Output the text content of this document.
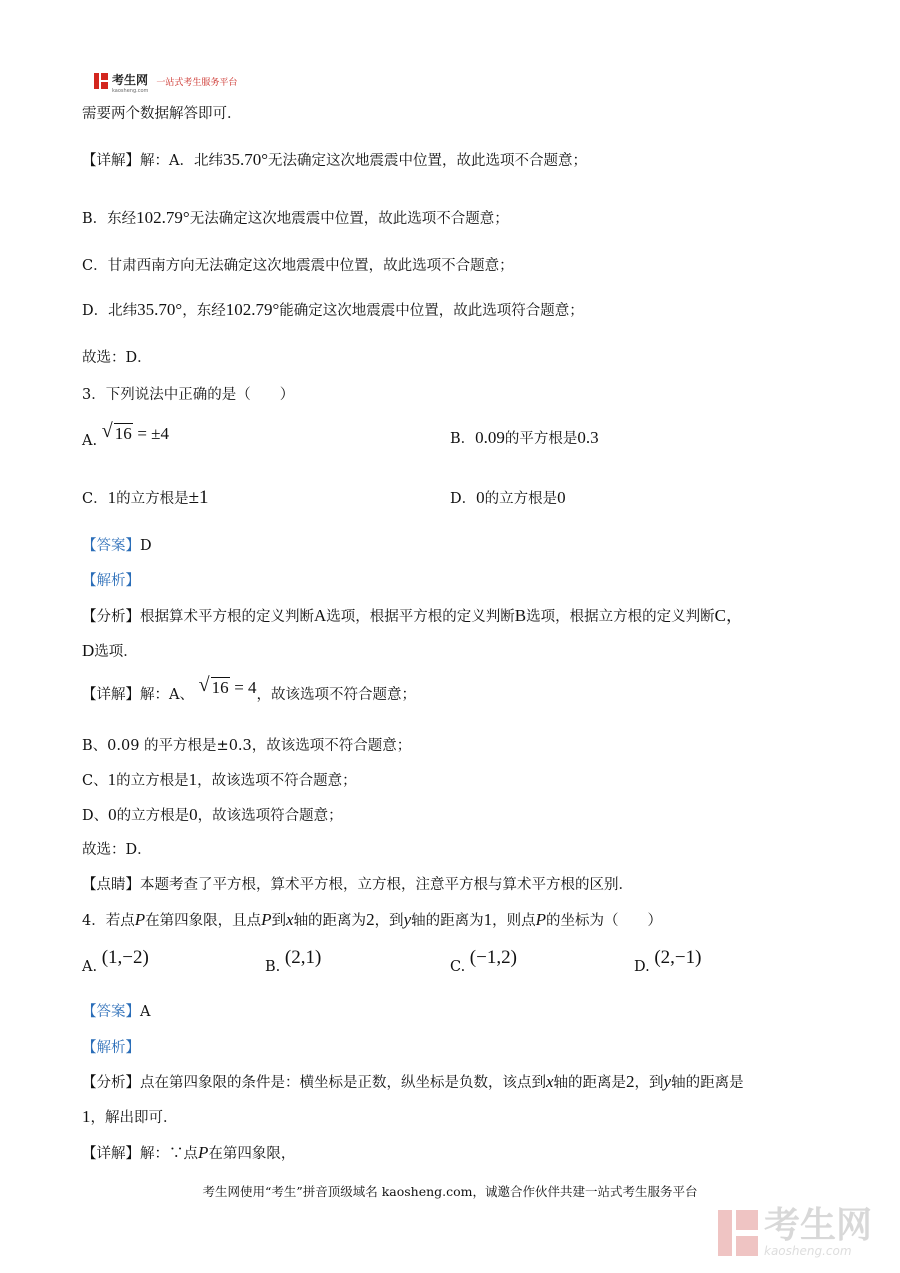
考生网
kaosheng.com
一站式考生服务平台
需要两个数据解答即可．
【详解】解：A．北纬35.70°无法确定这次地震震中位置，故此选项不合题意；
B．东经102.79°无法确定这次地震震中位置，故此选项不合题意；
C．甘肃西南方向无法确定这次地震震中位置，故此选项不合题意；
D．北纬35.70°，东经102.79°能确定这次地震震中位置，故此选项符合题意；
故选：D．
3．下列说法中正确的是（　　）
A. √ 16 = ±4	B．0.09的平方根是0.3
C．1的立方根是±1	D．0的立方根是0
【答案】D
【解析】
【分析】根据算术平方根的定义判断A选项，根据平方根的定义判断B选项，根据立方根的定义判断C，
D选项．
【详解】解：A、 √ 16 = 4，故该选项不符合题意；
B、0.09 的平方根是±0.3，故该选项不符合题意；
C、1的立方根是1，故该选项不符合题意；
D、0的立方根是0，故该选项符合题意；
故选：D．
【点睛】本题考查了平方根，算术平方根，立方根，注意平方根与算术平方根的区别．
4．若点P在第四象限，且点P到x轴的距离为2，到y轴的距离为1，则点P的坐标为（　　）
A. (1,−2)	B. (2,1)	C. (−1,2)	D. (2,−1)
【答案】A
【解析】
【分析】点在第四象限的条件是：横坐标是正数，纵坐标是负数，该点到x轴的距离是2，到y轴的距离是
1，解出即可．
【详解】解：∵点P在第四象限，
考生网使用“考生”拼音顶级域名 kaosheng.com，诚邀合作伙伴共建一站式考生服务平台
考生网
kaosheng.com
